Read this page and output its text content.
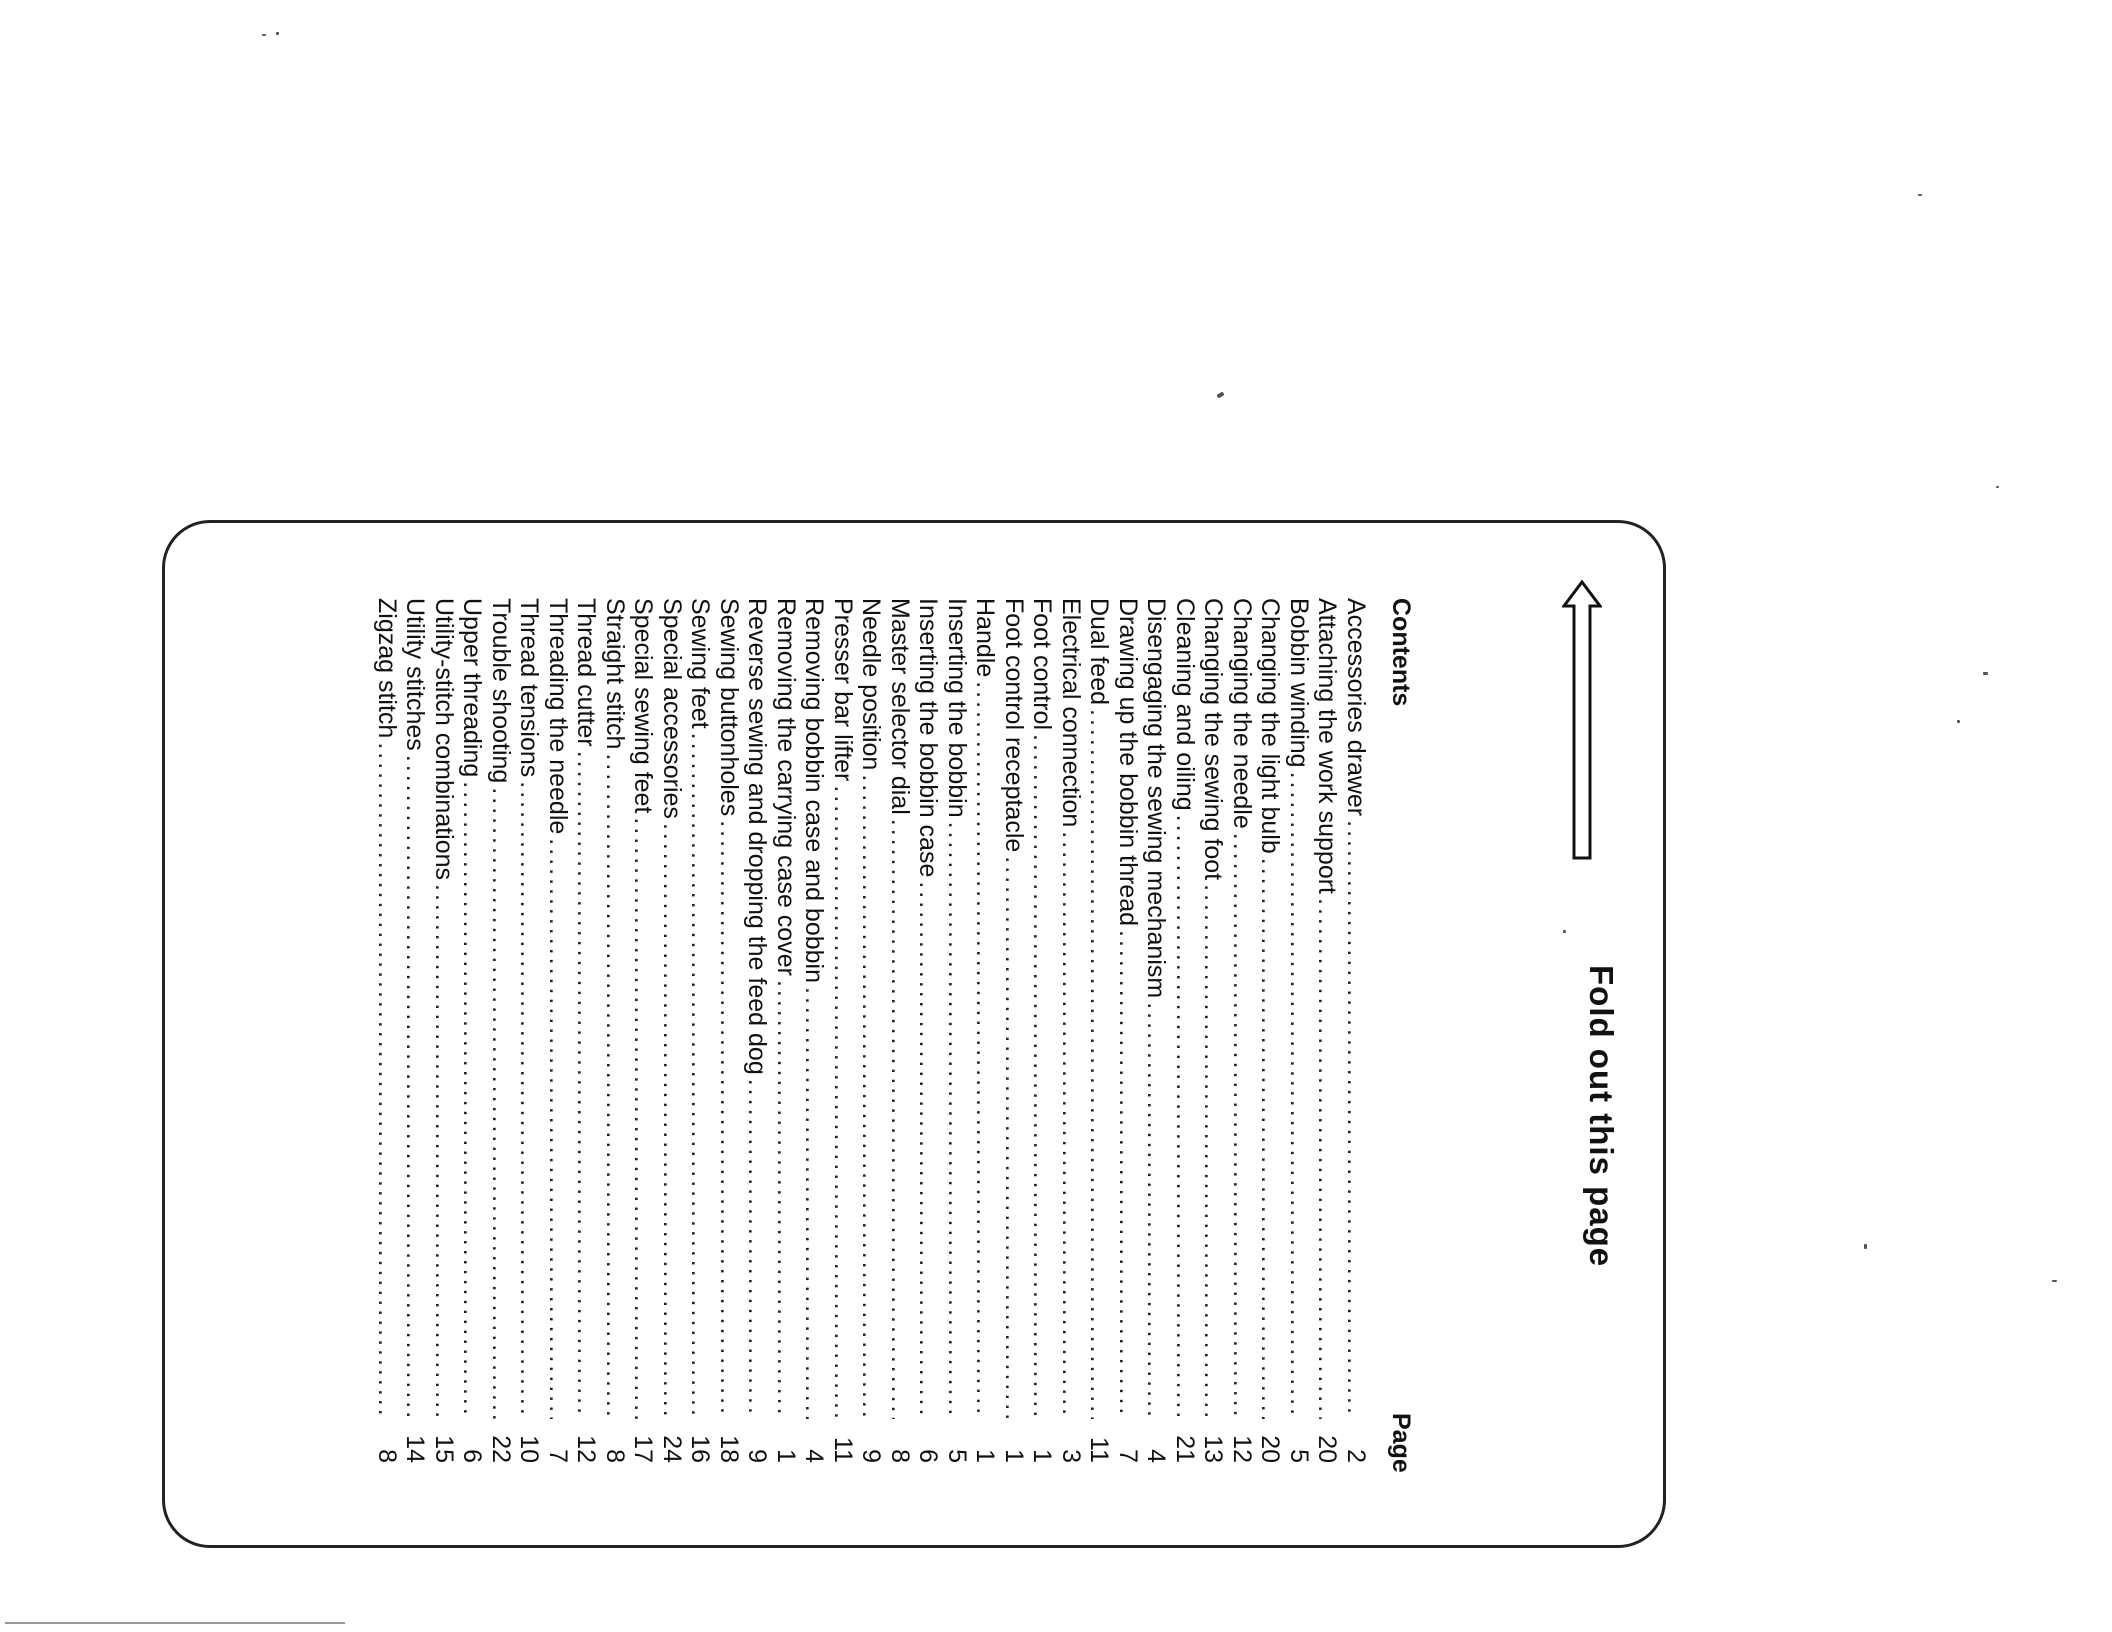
Fold out this page
Contents
Page
Accessories drawer
.....
2
Attaching the work support
.....
20
Bobbin winding
.....
5
Changing the light bulb
.....
20
Changing the needle
.....
12
Changing the sewing foot
.....
13
Cleaning and oiling
.....
21
Disengaging the sewing mechanism
.....
4
Drawing up the bobbin thread
.....
7
Dual feed
.....
11
Electrical connection
.....
3
Foot control
.....
1
Foot control receptacle
.....
1
Handle
.....
1
Inserting the bobbin
.....
5
Inserting the bobbin case
.....
6
Master selector dial
.....
8
Needle position
.....
9
Presser bar lifter
.....
11
Removing bobbin case and bobbin
.....
4
Removing the carrying case cover
.....
1
Reverse sewing and dropping the feed dog
.....
9
Sewing buttonholes
.....
18
Sewing feet
.....
16
Special accessories
.....
24
Special sewing feet
.....
17
Straight stitch
.....
8
Thread cutter
.....
12
Threading the needle
.....
7
Thread tensions
.....
10
Trouble shooting
.....
22
Upper threading
.....
6
Utility-stitch combinations
.....
15
Utility stitches
.....
14
Zigzag stitch
.....
8
